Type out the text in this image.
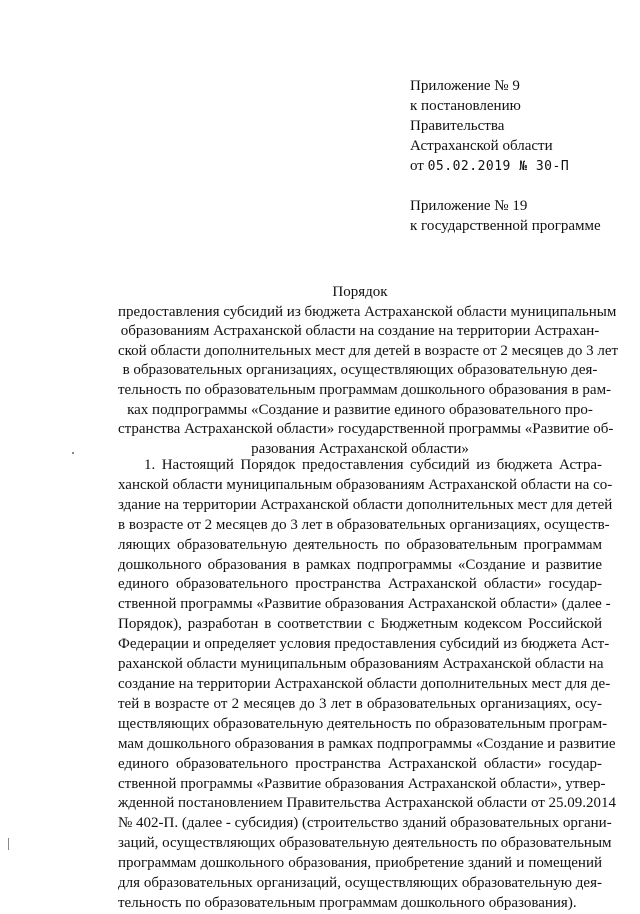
Приложение № 9
к постановлению
Правительства
Астраханской области
от 05.02.2019 № 30-П
Приложение № 19
к государственной программе
Порядок
предоставления субсидий из бюджета Астраханской области муниципальным
образованиям Астраханской области на создание на территории Астрахан-
ской области дополнительных мест для детей в возрасте от 2 месяцев до 3 лет
в образовательных организациях, осуществляющих образовательную дея-
тельность по образовательным программам дошкольного образования в рам-
ках подпрограммы «Создание и развитие единого образовательного про-
странства Астраханской области» государственной программы «Развитие об-
разования Астраханской области»
1. Настоящий Порядок предоставления субсидий из бюджета Астра-
ханской области муниципальным образованиям Астраханской области на со-
здание на территории Астраханской области дополнительных мест для детей
в возрасте от 2 месяцев до 3 лет в образовательных организациях, осуществ-
ляющих образовательную деятельность по образовательным программам
дошкольного образования в рамках подпрограммы «Создание и развитие
единого образовательного пространства Астраханской области» государ-
ственной программы «Развитие образования Астраханской области» (далее -
Порядок), разработан в соответствии с Бюджетным кодексом Российской
Федерации и определяет условия предоставления субсидий из бюджета Аст-
раханской области муниципальным образованиям Астраханской области на
создание на территории Астраханской области дополнительных мест для де-
тей в возрасте от 2 месяцев до 3 лет в образовательных организациях, осу-
ществляющих образовательную деятельность по образовательным програм-
мам дошкольного образования в рамках подпрограммы «Создание и развитие
единого образовательного пространства Астраханской области» государ-
ственной программы «Развитие образования Астраханской области», утвер-
жденной постановлением Правительства Астраханской области от 25.09.2014
№ 402-П. (далее - субсидия) (строительство зданий образовательных органи-
заций, осуществляющих образовательную деятельность по образовательным
программам дошкольного образования, приобретение зданий и помещений
для образовательных организаций, осуществляющих образовательную дея-
тельность по образовательным программам дошкольного образования).
